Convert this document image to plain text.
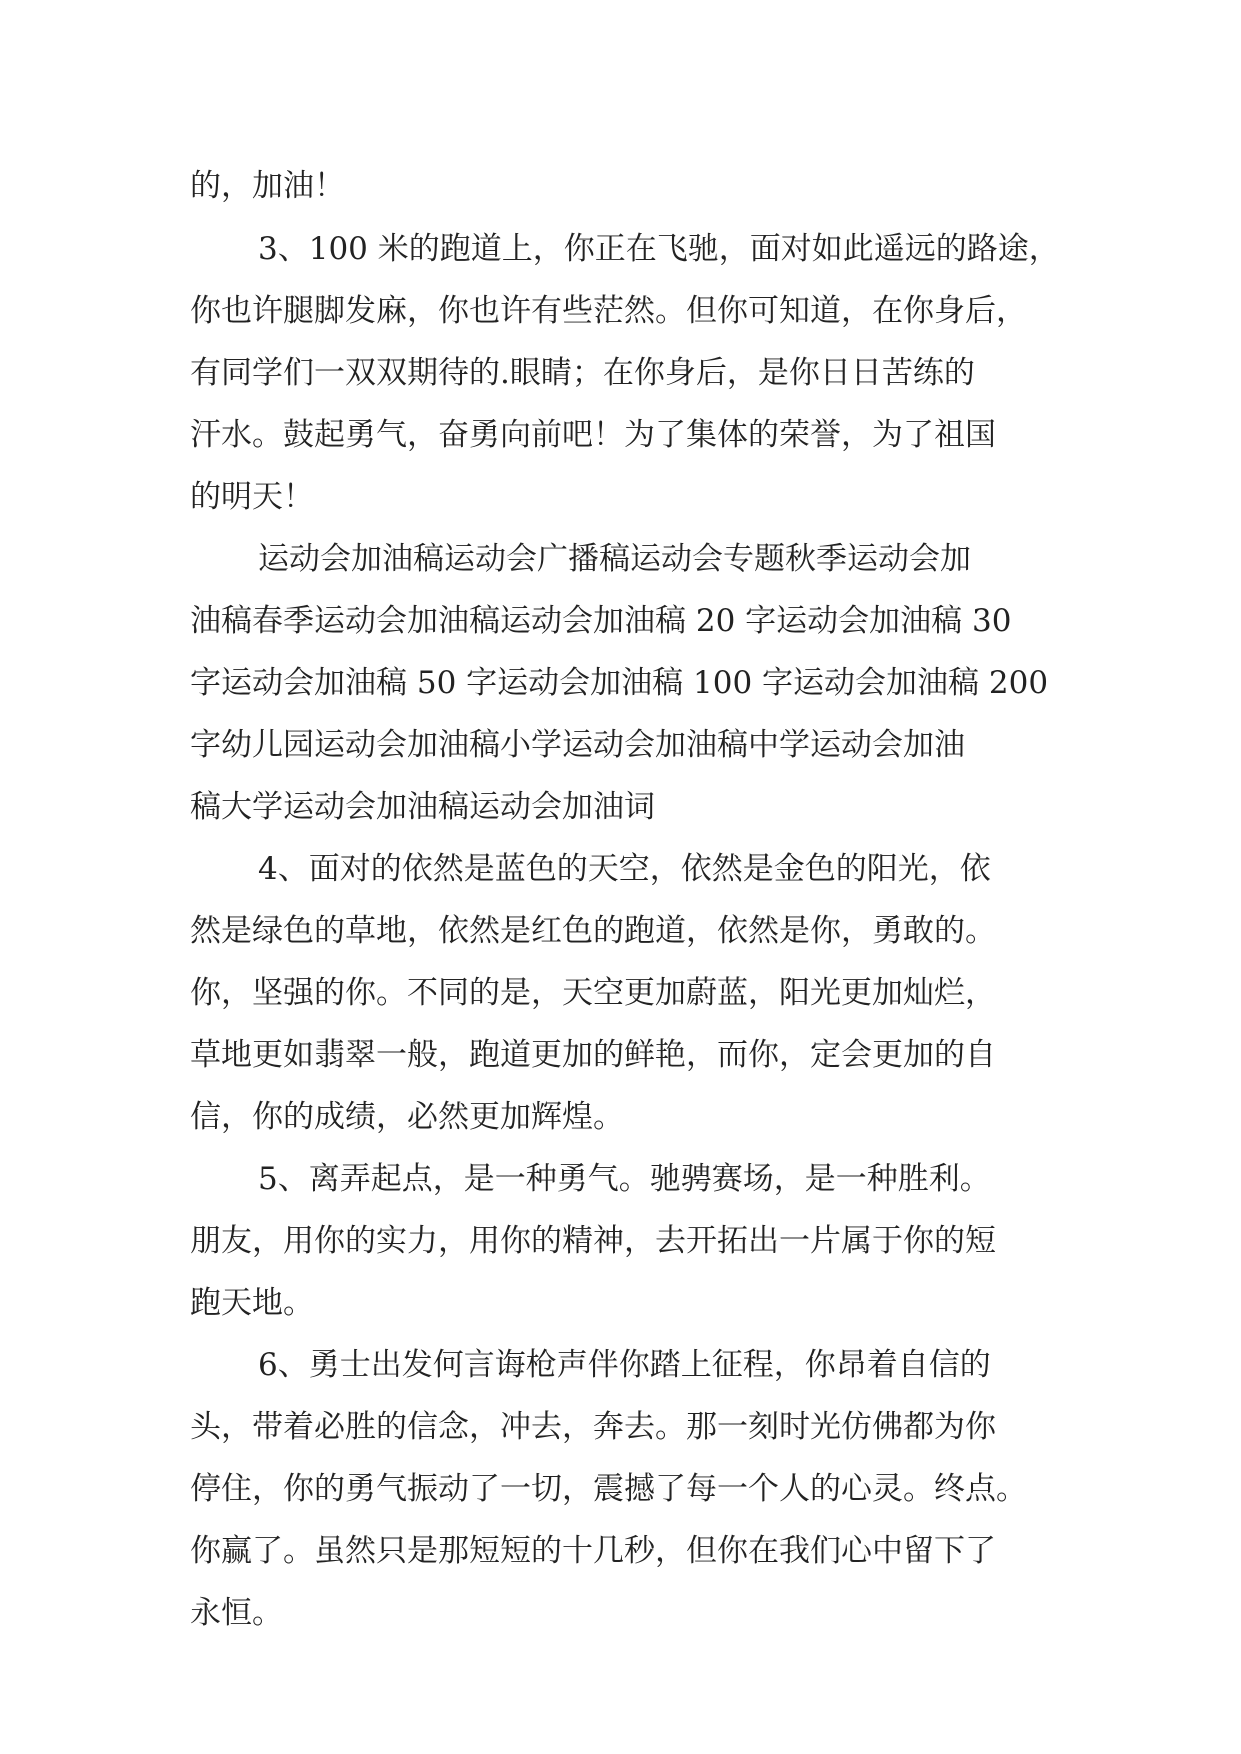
的，加油！
3、100 米的跑道上，你正在飞驰，面对如此遥远的路途，
你也许腿脚发麻，你也许有些茫然。但你可知道，在你身后，
有同学们一双双期待的.眼睛；在你身后，是你日日苦练的
汗水。鼓起勇气，奋勇向前吧！为了集体的荣誉，为了祖国
的明天！
运动会加油稿运动会广播稿运动会专题秋季运动会加
油稿春季运动会加油稿运动会加油稿 20 字运动会加油稿 30
字运动会加油稿 50 字运动会加油稿 100 字运动会加油稿 200
字幼儿园运动会加油稿小学运动会加油稿中学运动会加油
稿大学运动会加油稿运动会加油词
4、面对的依然是蓝色的天空，依然是金色的阳光，依
然是绿色的草地，依然是红色的跑道，依然是你，勇敢的。
你，坚强的你。不同的是，天空更加蔚蓝，阳光更加灿烂，
草地更如翡翠一般，跑道更加的鲜艳，而你，定会更加的自
信，你的成绩，必然更加辉煌。
5、离弄起点，是一种勇气。驰骋赛场，是一种胜利。
朋友，用你的实力，用你的精神，去开拓出一片属于你的短
跑天地。
6、勇士出发何言诲枪声伴你踏上征程，你昂着自信的
头，带着必胜的信念，冲去，奔去。那一刻时光仿佛都为你
停住，你的勇气振动了一切，震撼了每一个人的心灵。终点。
你赢了。虽然只是那短短的十几秒，但你在我们心中留下了
永恒。
